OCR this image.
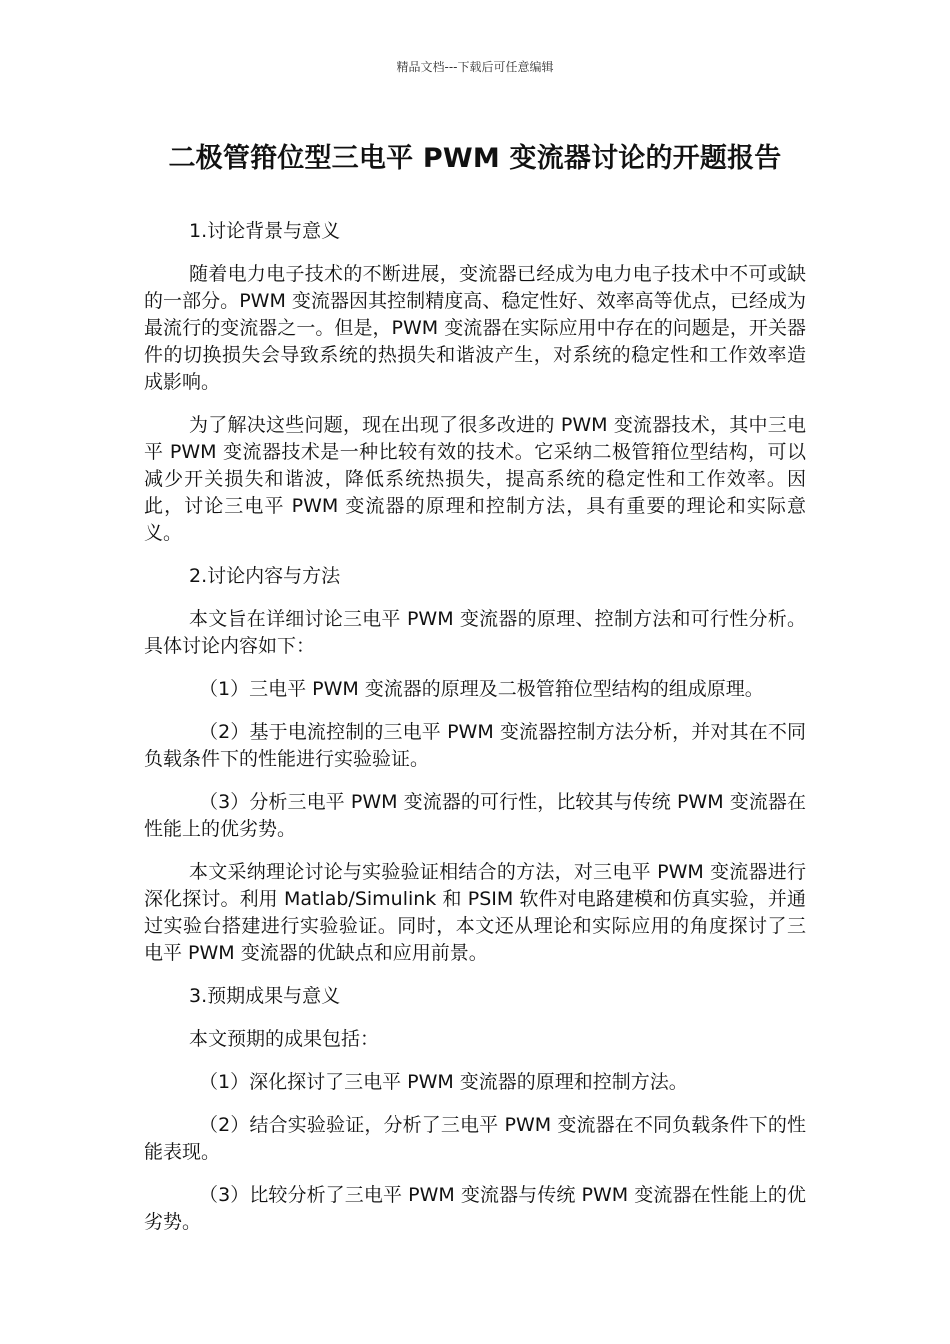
精品文档---下载后可任意编辑
二极管箝位型三电平 PWM 变流器讨论的开题报告

1.讨论背景与意义

随着电力电子技术的不断进展，变流器已经成为电力电子技术中不可或缺的一部分。PWM 变流器因其控制精度高、稳定性好、效率高等优点，已经成为最流行的变流器之一。但是，PWM 变流器在实际应用中存在的问题是，开关器件的切换损失会导致系统的热损失和谐波产生，对系统的稳定性和工作效率造成影响。

为了解决这些问题，现在出现了很多改进的 PWM 变流器技术，其中三电平 PWM 变流器技术是一种比较有效的技术。它采纳二极管箝位型结构，可以减少开关损失和谐波，降低系统热损失，提高系统的稳定性和工作效率。因此，讨论三电平 PWM 变流器的原理和控制方法，具有重要的理论和实际意义。

2.讨论内容与方法

本文旨在详细讨论三电平 PWM 变流器的原理、控制方法和可行性分析。具体讨论内容如下：

（1）三电平 PWM 变流器的原理及二极管箝位型结构的组成原理。

（2）基于电流控制的三电平 PWM 变流器控制方法分析，并对其在不同负载条件下的性能进行实验验证。

（3）分析三电平 PWM 变流器的可行性，比较其与传统 PWM 变流器在性能上的优劣势。

本文采纳理论讨论与实验验证相结合的方法，对三电平 PWM 变流器进行深化探讨。利用 Matlab/Simulink 和 PSIM 软件对电路建模和仿真实验，并通过实验台搭建进行实验验证。同时，本文还从理论和实际应用的角度探讨了三电平 PWM 变流器的优缺点和应用前景。

3.预期成果与意义

本文预期的成果包括：

（1）深化探讨了三电平 PWM 变流器的原理和控制方法。

（2）结合实验验证，分析了三电平 PWM 变流器在不同负载条件下的性能表现。

（3）比较分析了三电平 PWM 变流器与传统 PWM 变流器在性能上的优劣势。
